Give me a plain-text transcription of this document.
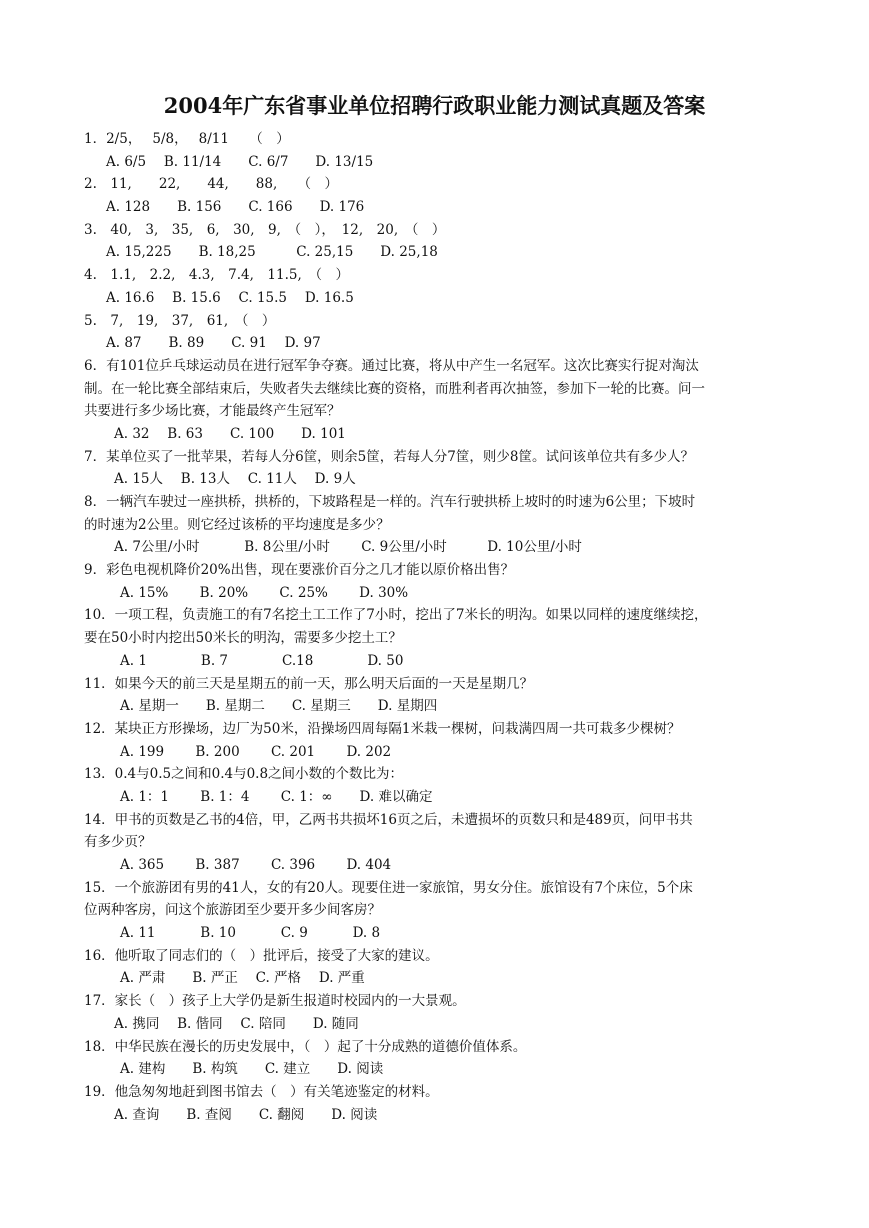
2004年广东省事业单位招聘行政职业能力测试真题及答案
1．2/5，　 5/8，　 8/11　　（　）
A. 6/5　 B. 11/14　　C. 6/7　　D. 13/15
2.　11,　　22,　　44,　　88,　　（　）
A. 128　　B. 156　　C. 166　　D. 176
3.　40,　3,　35,　6,　30,　9,　（　），　12,　20,　（　）
A. 15,225　　B. 18,25　　　C. 25,15　　D. 25,18
4.　1.1,　2.2,　4.3,　7.4,　11.5,　（　）
A. 16.6　 B. 15.6　 C. 15.5　 D. 16.5
5.　7,　19,　37,　61,　（　）
A. 87　　B. 89　　C. 91　 D. 97
6．有101位乒乓球运动员在进行冠军争夺赛。通过比赛，将从中产生一名冠军。这次比赛实行捉对淘汰
制。在一轮比赛全部结束后，失败者失去继续比赛的资格，而胜利者再次抽签，参加下一轮的比赛。问一
共要进行多少场比赛，才能最终产生冠军？
A. 32　 B. 63　　C. 100　　D. 101
7．某单位买了一批苹果，若每人分6筐，则余5筐，若每人分7筐，则少8筐。试问该单位共有多少人？
A. 15人　 B. 13人　 C. 11人　 D. 9人
8．一辆汽车驶过一座拱桥，拱桥的，下坡路程是一样的。汽车行驶拱桥上坡时的时速为6公里；下坡时
的时速为2公里。则它经过该桥的平均速度是多少？
A. 7公里/小时　　　 B. 8公里/小时　　 C. 9公里/小时　　　D. 10公里/小时
9．彩色电视机降价20%出售，现在要涨价百分之几才能以原价格出售？
A. 15%　　 B. 20%　　 C. 25%　　 D. 30%
10．一项工程，负责施工的有7名挖土工工作了7小时，挖出了7米长的明沟。如果以同样的速度继续挖，
要在50小时内挖出50米长的明沟，需要多少挖土工？
A. 1　　　　B. 7　　　　C.18　　　　D. 50
11．如果今天的前三天是星期五的前一天，那么明天后面的一天是星期几？
A. 星期一　　B. 星期二　　C. 星期三　　D. 星期四
12．某块正方形操场，边厂为50米，沿操场四周每隔1米栽一棵树，问栽满四周一共可栽多少棵树？
A. 199　　 B. 200　　 C. 201　　 D. 202
13．0.4与0.5之间和0.4与0.8之间小数的个数比为：
A. 1：1　　 B. 1：4　　 C. 1：∞　　D. 难以确定
14．甲书的页数是乙书的4倍，甲，乙两书共损坏16页之后，未遭损坏的页数只和是489页，问甲书共
有多少页？
A. 365　　 B. 387　　 C. 396　　 D. 404
15．一个旅游团有男的41人，女的有20人。现要住进一家旅馆，男女分住。旅馆设有7个床位，5个床
位两种客房，问这个旅游团至少要开多少间客房？
A. 11　　　 B. 10　　　 C. 9　　　 D. 8
16．他听取了同志们的（　）批评后，接受了大家的建议。
A. 严肃　　B. 严正　 C. 严格　 D. 严重
17．家长（　）孩子上大学仍是新生报道时校园内的一大景观。
A. 携同　 B. 偕同　 C. 陪同　　D. 随同
18．中华民族在漫长的历史发展中，（　）起了十分成熟的道德价值体系。
A. 建构　　B. 构筑　　C. 建立　　D. 阅读
19．他急匆匆地赶到图书馆去（　）有关笔迹鉴定的材料。
A. 查询　　B. 查阅　　C. 翻阅　　D. 阅读
